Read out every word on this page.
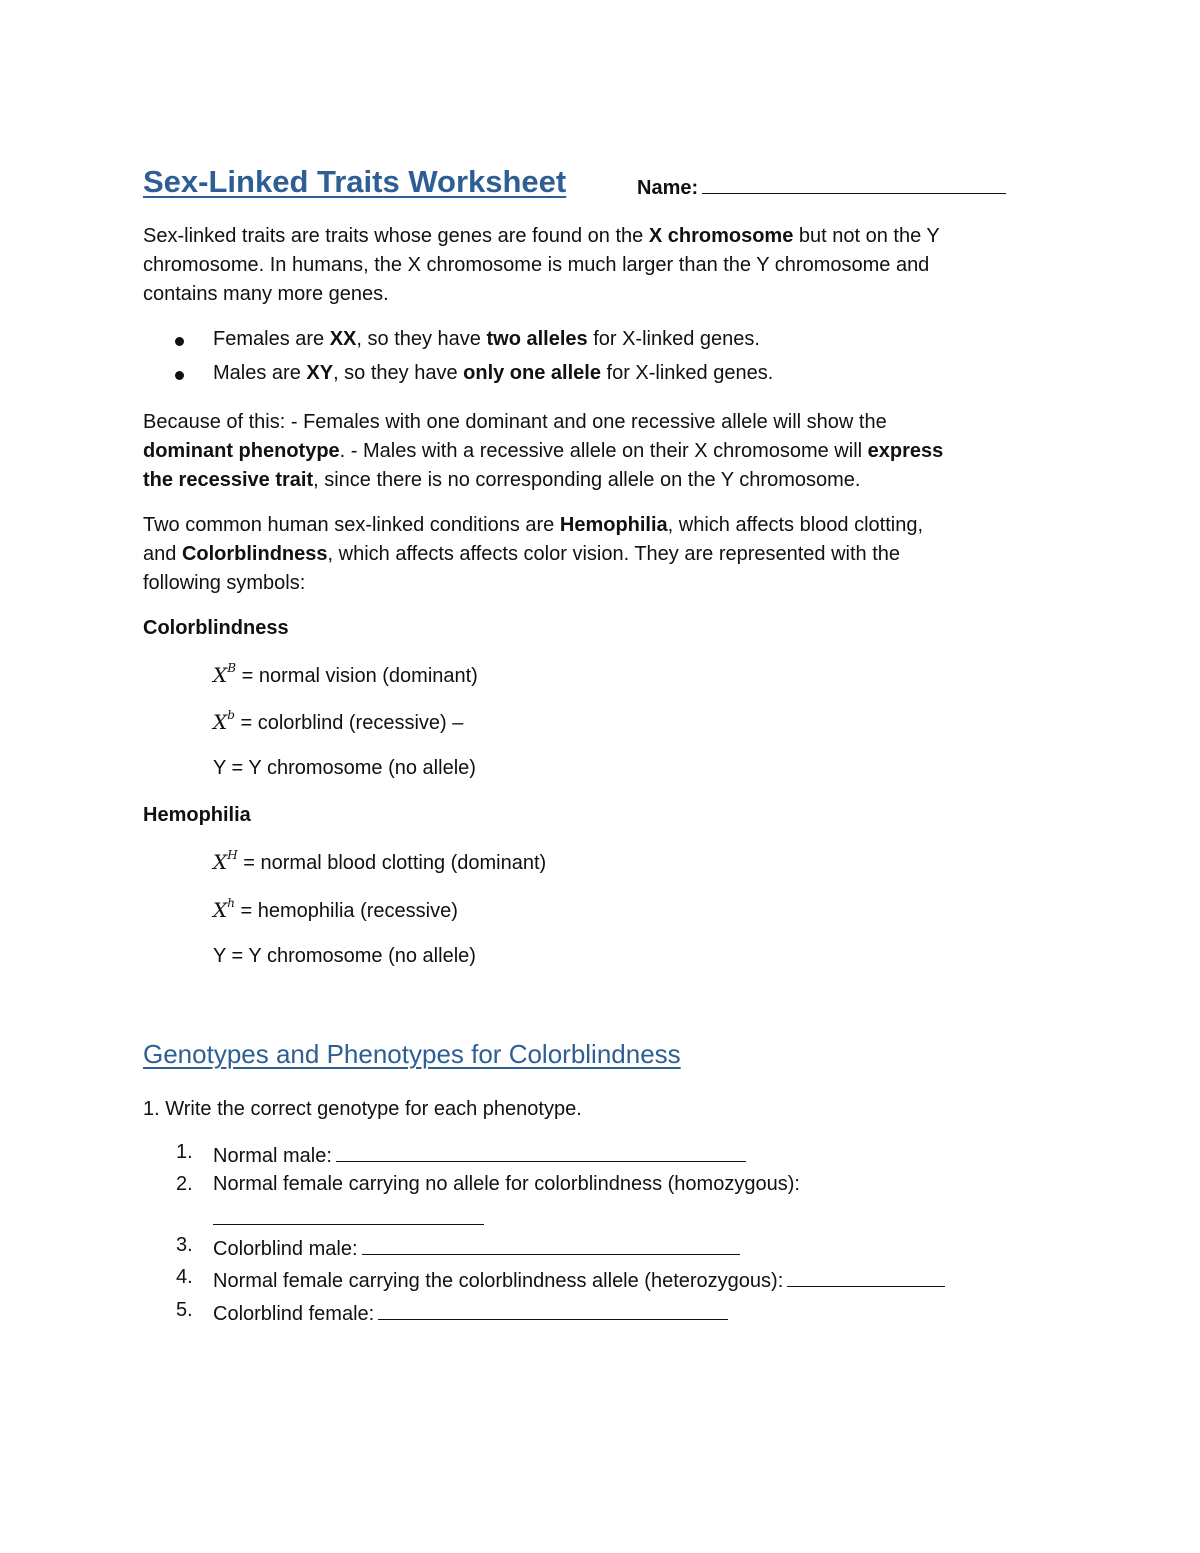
Sex-Linked Traits Worksheet	Name:
Sex-linked traits are traits whose genes are found on the X chromosome but not on the Y
chromosome. In humans, the X chromosome is much larger than the Y chromosome and
contains many more genes.
Females are XX, so they have two alleles for X-linked genes.
Males are XY, so they have only one allele for X-linked genes.
Because of this: - Females with one dominant and one recessive allele will show the
dominant phenotype. - Males with a recessive allele on their X chromosome will express
the recessive trait, since there is no corresponding allele on the Y chromosome.
Two common human sex-linked conditions are Hemophilia, which affects blood clotting,
and Colorblindness, which affects affects color vision. They are represented with the
following symbols:
Colorblindness
$X^B$ = normal vision (dominant)
$X^b$ = colorblind (recessive) –
Y = Y chromosome (no allele)
Hemophilia
$X^H$ = normal blood clotting (dominant)
$X^h$ = hemophilia (recessive)
Y = Y chromosome (no allele)
Genotypes and Phenotypes for Colorblindness
1. Write the correct genotype for each phenotype.
1. Normal male:
2. Normal female carrying no allele for colorblindness (homozygous):
3. Colorblind male:
4. Normal female carrying the colorblindness allele (heterozygous):
5. Colorblind female:
